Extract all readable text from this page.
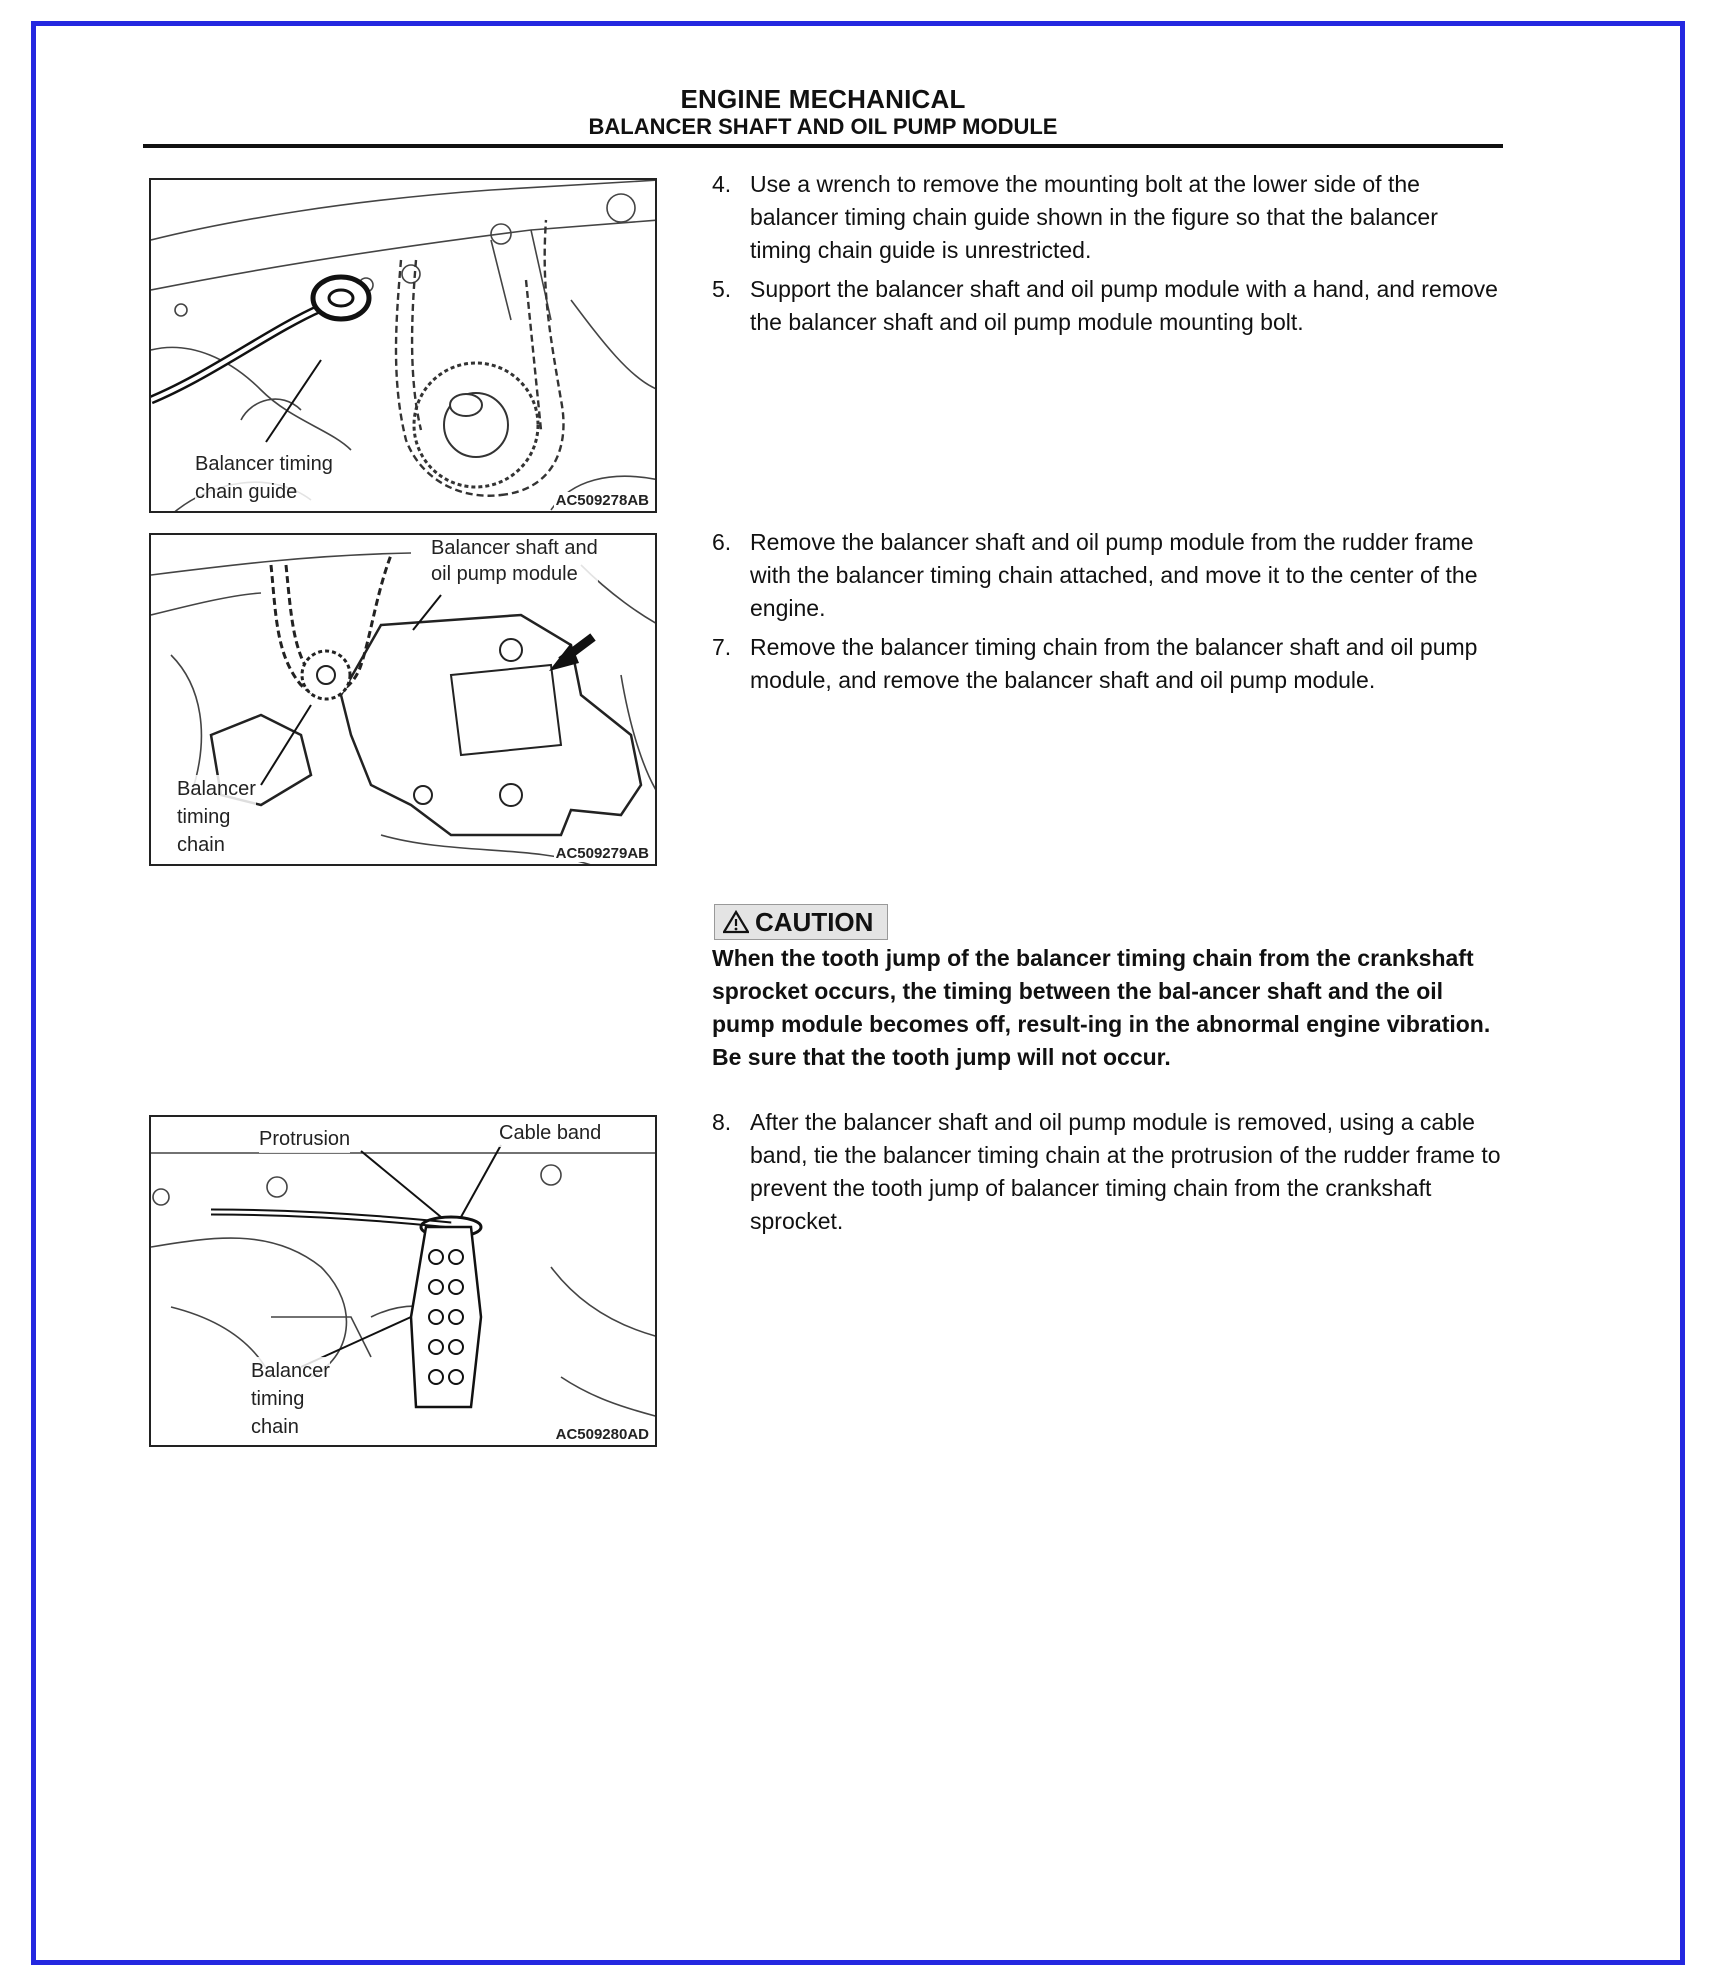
ENGINE MECHANICAL
BALANCER SHAFT AND OIL PUMP MODULE
Balancer timing
chain guide	AC509278AB
Balancer shaft and
oil pump module
Balancer
timing
chain	AC509279AB
Protrusion	Cable band
Balancer
timing
chain	AC509280AD
4. Use a wrench to remove the mounting bolt at the lower side of the balancer timing chain guide shown in the figure so that the balancer timing chain guide is unrestricted.
5. Support the balancer shaft and oil pump module with a hand, and remove the balancer shaft and oil pump module mounting bolt.
6. Remove the balancer shaft and oil pump module from the rudder frame with the balancer timing chain attached, and move it to the center of the engine.
7. Remove the balancer timing chain from the balancer shaft and oil pump module, and remove the balancer shaft and oil pump module.
CAUTION
When the tooth jump of the balancer timing chain from the crankshaft sprocket occurs, the timing between the bal-ancer shaft and the oil pump module becomes off, result-ing in the abnormal engine vibration. Be sure that the tooth jump will not occur.
8. After the balancer shaft and oil pump module is removed, using a cable band, tie the balancer timing chain at the protrusion of the rudder frame to prevent the tooth jump of balancer timing chain from the crankshaft sprocket.
